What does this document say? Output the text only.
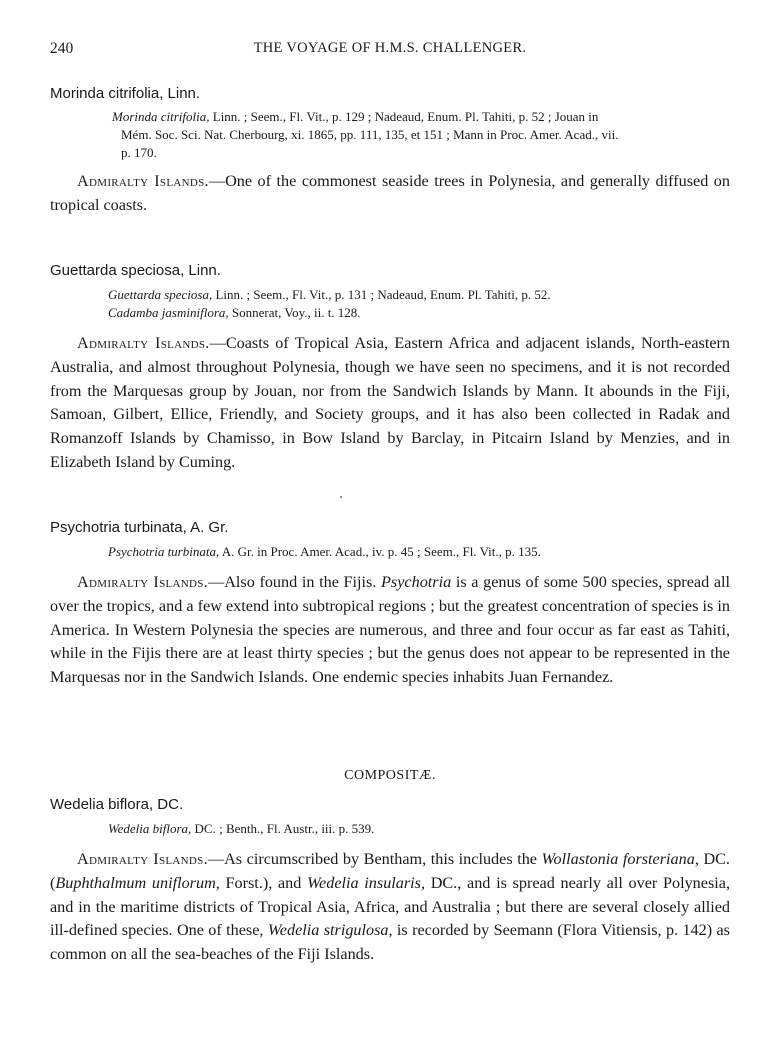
240	THE VOYAGE OF H.M.S. CHALLENGER.

Morinda citrifolia, Linn.

Morinda citrifolia, Linn. ; Seem., Fl. Vit., p. 129 ; Nadeaud, Enum. Pl. Tahiti, p. 52 ; Jouan in
Mém. Soc. Sci. Nat. Cherbourg, xi. 1865, pp. 111, 135, et 151 ; Mann in Proc. Amer. Acad., vii.
p. 170.

Admiralty Islands.—One of the commonest seaside trees in Polynesia, and generally diffused on tropical coasts.

Guettarda speciosa, Linn.

Guettarda speciosa, Linn. ; Seem., Fl. Vit., p. 131 ; Nadeaud, Enum. Pl. Tahiti, p. 52.
Cadamba jasminiflora, Sonnerat, Voy., ii. t. 128.

Admiralty Islands.—Coasts of Tropical Asia, Eastern Africa and adjacent islands, North-eastern Australia, and almost throughout Polynesia, though we have seen no specimens, and it is not recorded from the Marquesas group by Jouan, nor from the Sandwich Islands by Mann. It abounds in the Fiji, Samoan, Gilbert, Ellice, Friendly, and Society groups, and it has also been collected in Radak and Romanzoff Islands by Chamisso, in Bow Island by Barclay, in Pitcairn Island by Menzies, and in Elizabeth Island by Cuming.

Psychotria turbinata, A. Gr.

Psychotria turbinata, A. Gr. in Proc. Amer. Acad., iv. p. 45 ; Seem., Fl. Vit., p. 135.

Admiralty Islands.—Also found in the Fijis. Psychotria is a genus of some 500 species, spread all over the tropics, and a few extend into subtropical regions ; but the greatest concentration of species is in America. In Western Polynesia the species are numerous, and three and four occur as far east as Tahiti, while in the Fijis there are at least thirty species ; but the genus does not appear to be represented in the Marquesas nor in the Sandwich Islands. One endemic species inhabits Juan Fernandez.

COMPOSITÆ.

Wedelia biflora, DC.

Wedelia biflora, DC. ; Benth., Fl. Austr., iii. p. 539.

Admiralty Islands.—As circumscribed by Bentham, this includes the Wollastonia forsteriana, DC. (Buphthalmum uniflorum, Forst.), and Wedelia insularis, DC., and is spread nearly all over Polynesia, and in the maritime districts of Tropical Asia, Africa, and Australia ; but there are several closely allied ill-defined species. One of these, Wedelia strigulosa, is recorded by Seemann (Flora Vitiensis, p. 142) as common on all the sea-beaches of the Fiji Islands.
